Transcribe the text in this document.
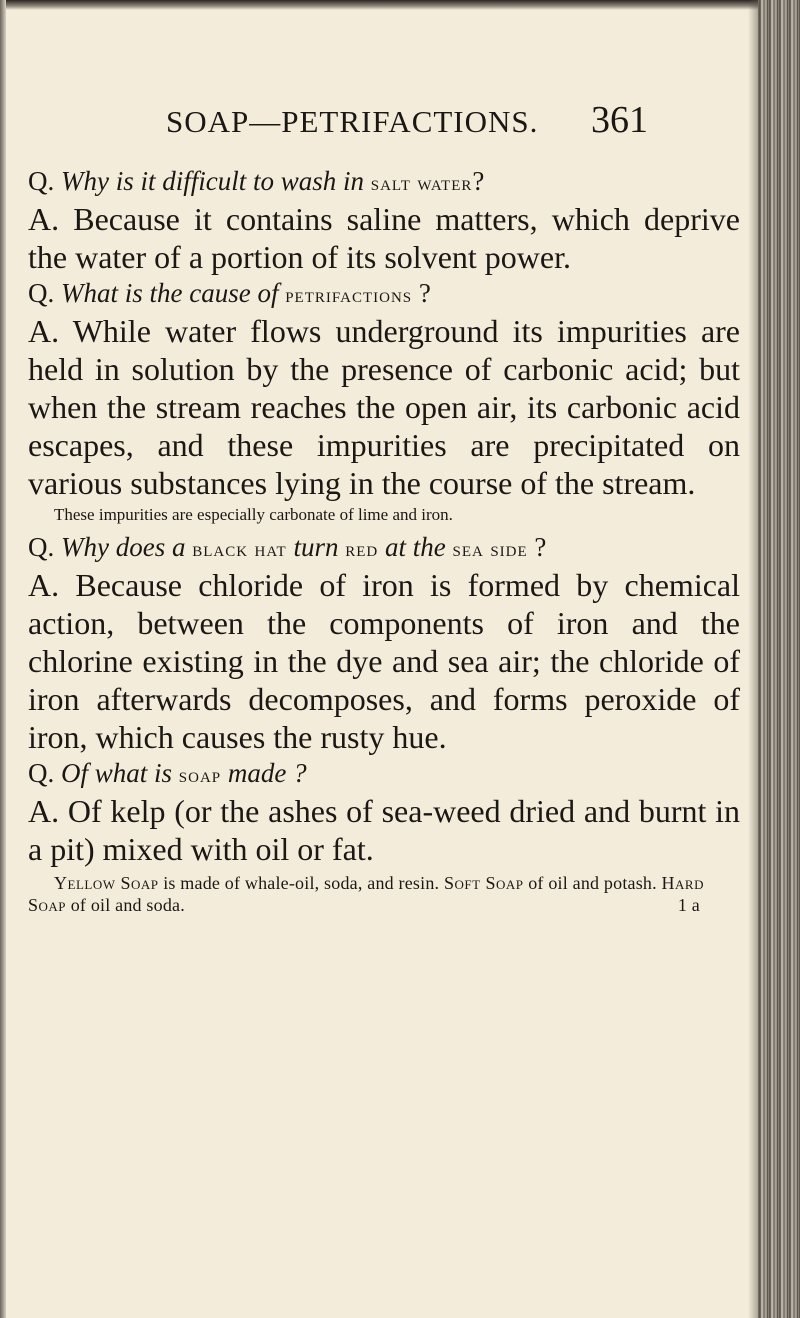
SOAP—PETRIFACTIONS. 361

Q. Why is it difficult to wash in salt water?

A. Because it contains saline matters, which deprive the water of a portion of its solvent power.

Q. What is the cause of petrifactions ?

A. While water flows underground its impurities are held in solution by the presence of carbonic acid; but when the stream reaches the open air, its carbonic acid escapes, and these impurities are precipitated on various substances lying in the course of the stream.

These impurities are especially carbonate of lime and iron.

Q. Why does a black hat turn red at the sea side ?

A. Because chloride of iron is formed by chemical action, between the components of iron and the chlorine existing in the dye and sea air; the chloride of iron afterwards decomposes, and forms peroxide of iron, which causes the rusty hue.

Q. Of what is soap made ?

A. Of kelp (or the ashes of sea-weed dried and burnt in a pit) mixed with oil or fat.

Yellow Soap is made of whale-oil, soda, and resin. Soft Soap of oil and potash. Hard Soap of oil and soda.	1 a
